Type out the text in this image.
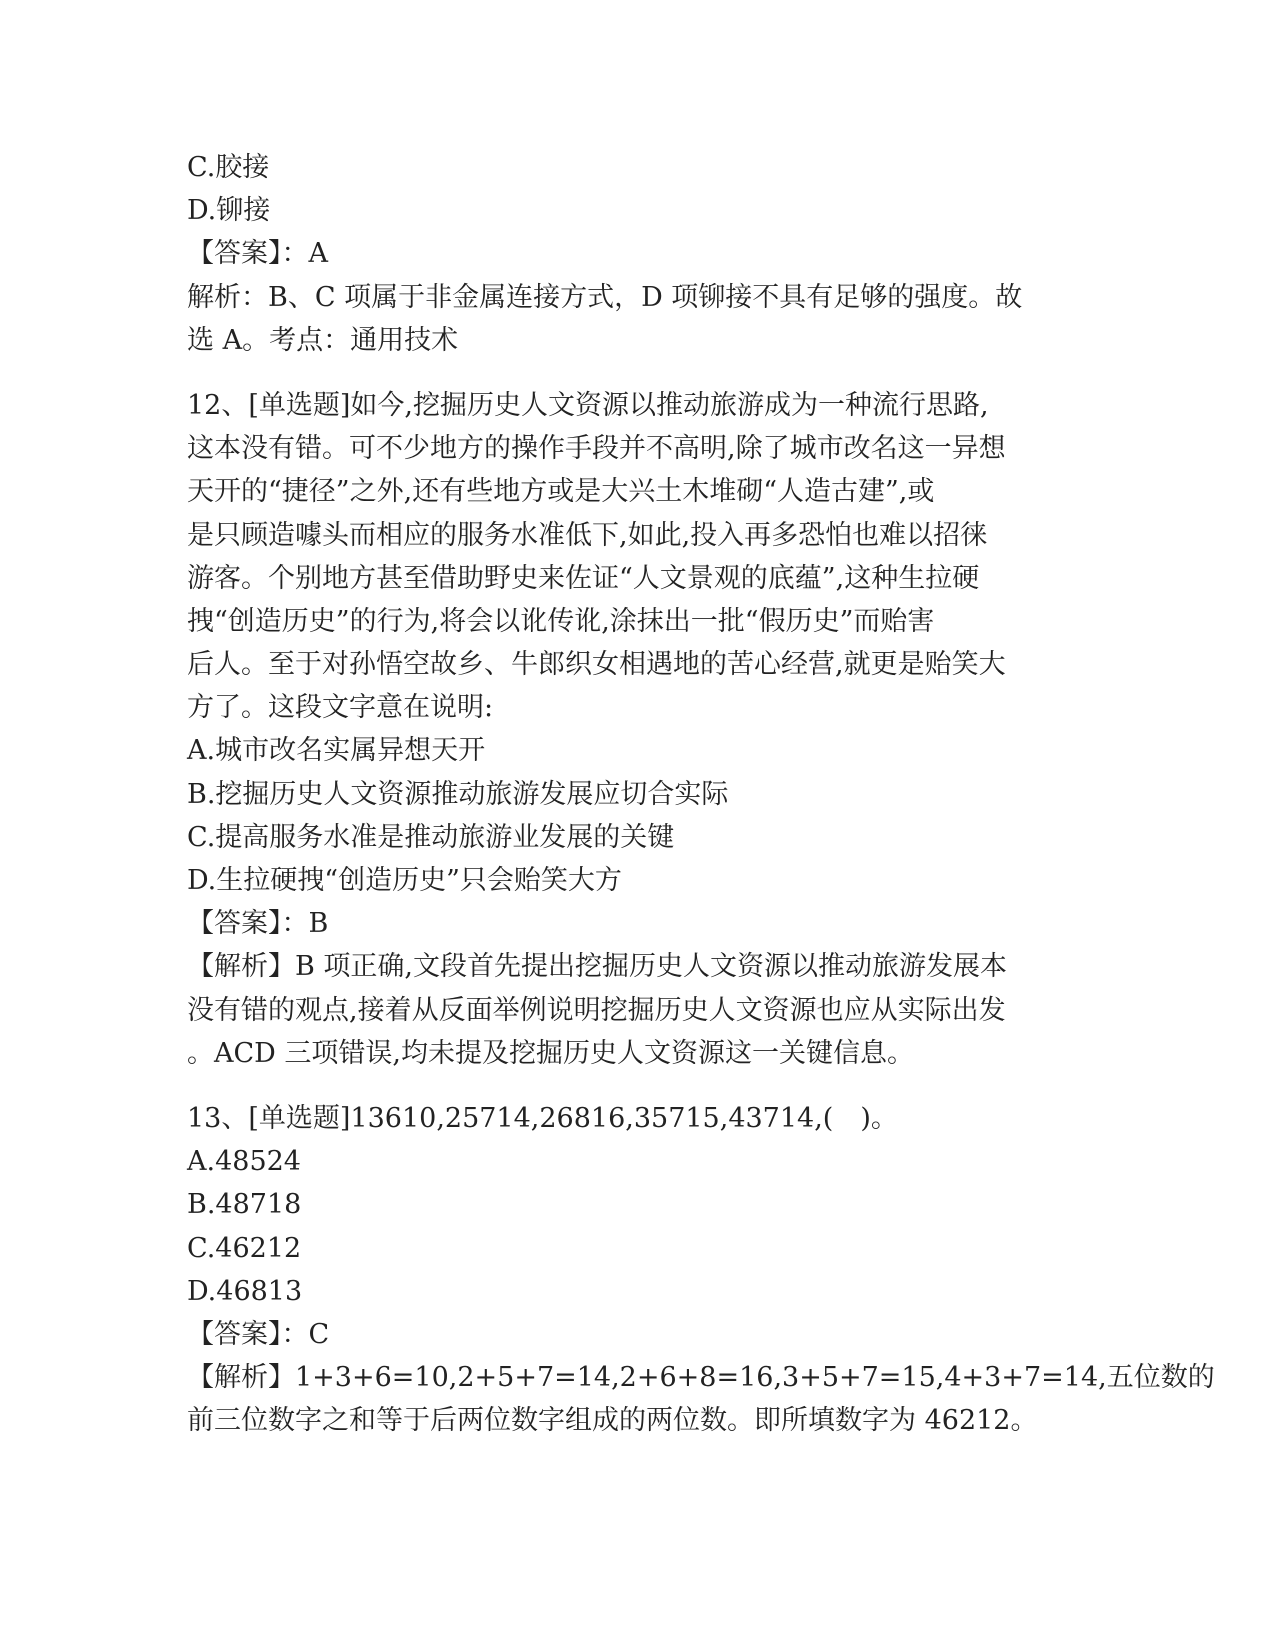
C.胶接
D.铆接
【答案】：A
解析：B、C 项属于非金属连接方式，D 项铆接不具有足够的强度。故
选 A。考点：通用技术
12、[单选题]如今,挖掘历史人文资源以推动旅游成为一种流行思路,
这本没有错。可不少地方的操作手段并不高明,除了城市改名这一异想
天开的“捷径”之外,还有些地方或是大兴土木堆砌“人造古建”,或
是只顾造噱头而相应的服务水准低下,如此,投入再多恐怕也难以招徕
游客。个别地方甚至借助野史来佐证“人文景观的底蕴”,这种生拉硬
拽“创造历史”的行为,将会以讹传讹,涂抹出一批“假历史”而贻害
后人。至于对孙悟空故乡、牛郎织女相遇地的苦心经营,就更是贻笑大
方了。这段文字意在说明:
A.城市改名实属异想天开
B.挖掘历史人文资源推动旅游发展应切合实际
C.提高服务水准是推动旅游业发展的关键
D.生拉硬拽“创造历史”只会贻笑大方
【答案】：B
【解析】B 项正确,文段首先提出挖掘历史人文资源以推动旅游发展本
没有错的观点,接着从反面举例说明挖掘历史人文资源也应从实际出发
。ACD 三项错误,均未提及挖掘历史人文资源这一关键信息。
13、[单选题]13610,25714,26816,35715,43714,(　)。
A.48524
B.48718
C.46212
D.46813
【答案】：C
【解析】1+3+6=10,2+5+7=14,2+6+8=16,3+5+7=15,4+3+7=14,五位数的
前三位数字之和等于后两位数字组成的两位数。即所填数字为 46212。
